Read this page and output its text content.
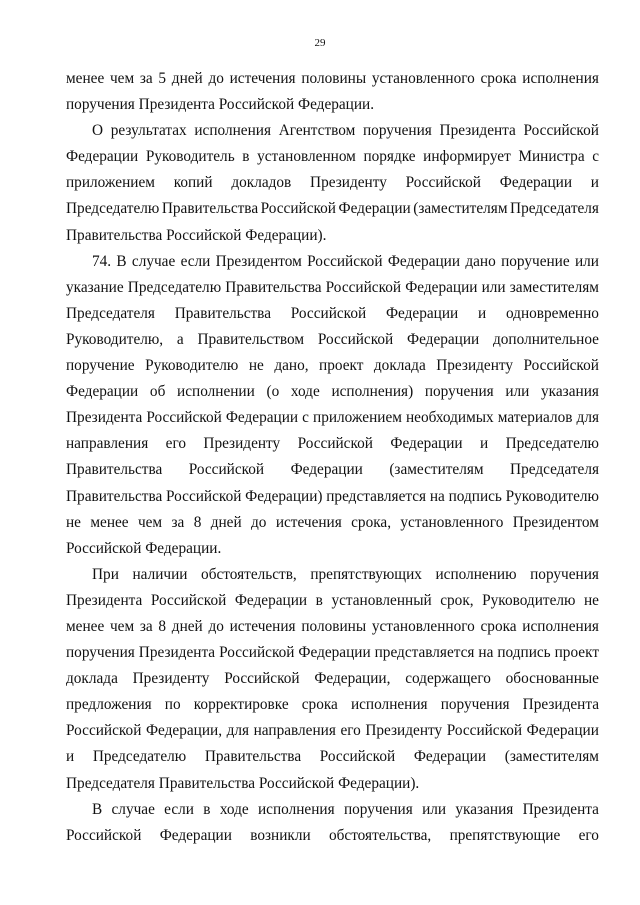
29
менее чем за 5 дней до истечения половины установленного срока исполнения
поручения Президента Российской Федерации.
О результатах исполнения Агентством поручения Президента Российской
Федерации Руководитель в установленном порядке информирует Министра с
приложением копий докладов Президенту Российской Федерации и
Председателю Правительства Российской Федерации (заместителям Председателя
Правительства Российской Федерации).
74. В случае если Президентом Российской Федерации дано поручение или
указание Председателю Правительства Российской Федерации или заместителям
Председателя Правительства Российской Федерации и одновременно
Руководителю, а Правительством Российской Федерации дополнительное
поручение Руководителю не дано, проект доклада Президенту Российской
Федерации об исполнении (о ходе исполнения) поручения или указания
Президента Российской Федерации с приложением необходимых материалов для
направления его Президенту Российской Федерации и Председателю
Правительства Российской Федерации (заместителям Председателя
Правительства Российской Федерации) представляется на подпись Руководителю
не менее чем за 8 дней до истечения срока, установленного Президентом
Российской Федерации.
При наличии обстоятельств, препятствующих исполнению поручения
Президента Российской Федерации в установленный срок, Руководителю не
менее чем за 8 дней до истечения половины установленного срока исполнения
поручения Президента Российской Федерации представляется на подпись проект
доклада Президенту Российской Федерации, содержащего обоснованные
предложения по корректировке срока исполнения поручения Президента
Российской Федерации, для направления его Президенту Российской Федерации
и Председателю Правительства Российской Федерации (заместителям
Председателя Правительства Российской Федерации).
В случае если в ходе исполнения поручения или указания Президента
Российской Федерации возникли обстоятельства, препятствующие его
